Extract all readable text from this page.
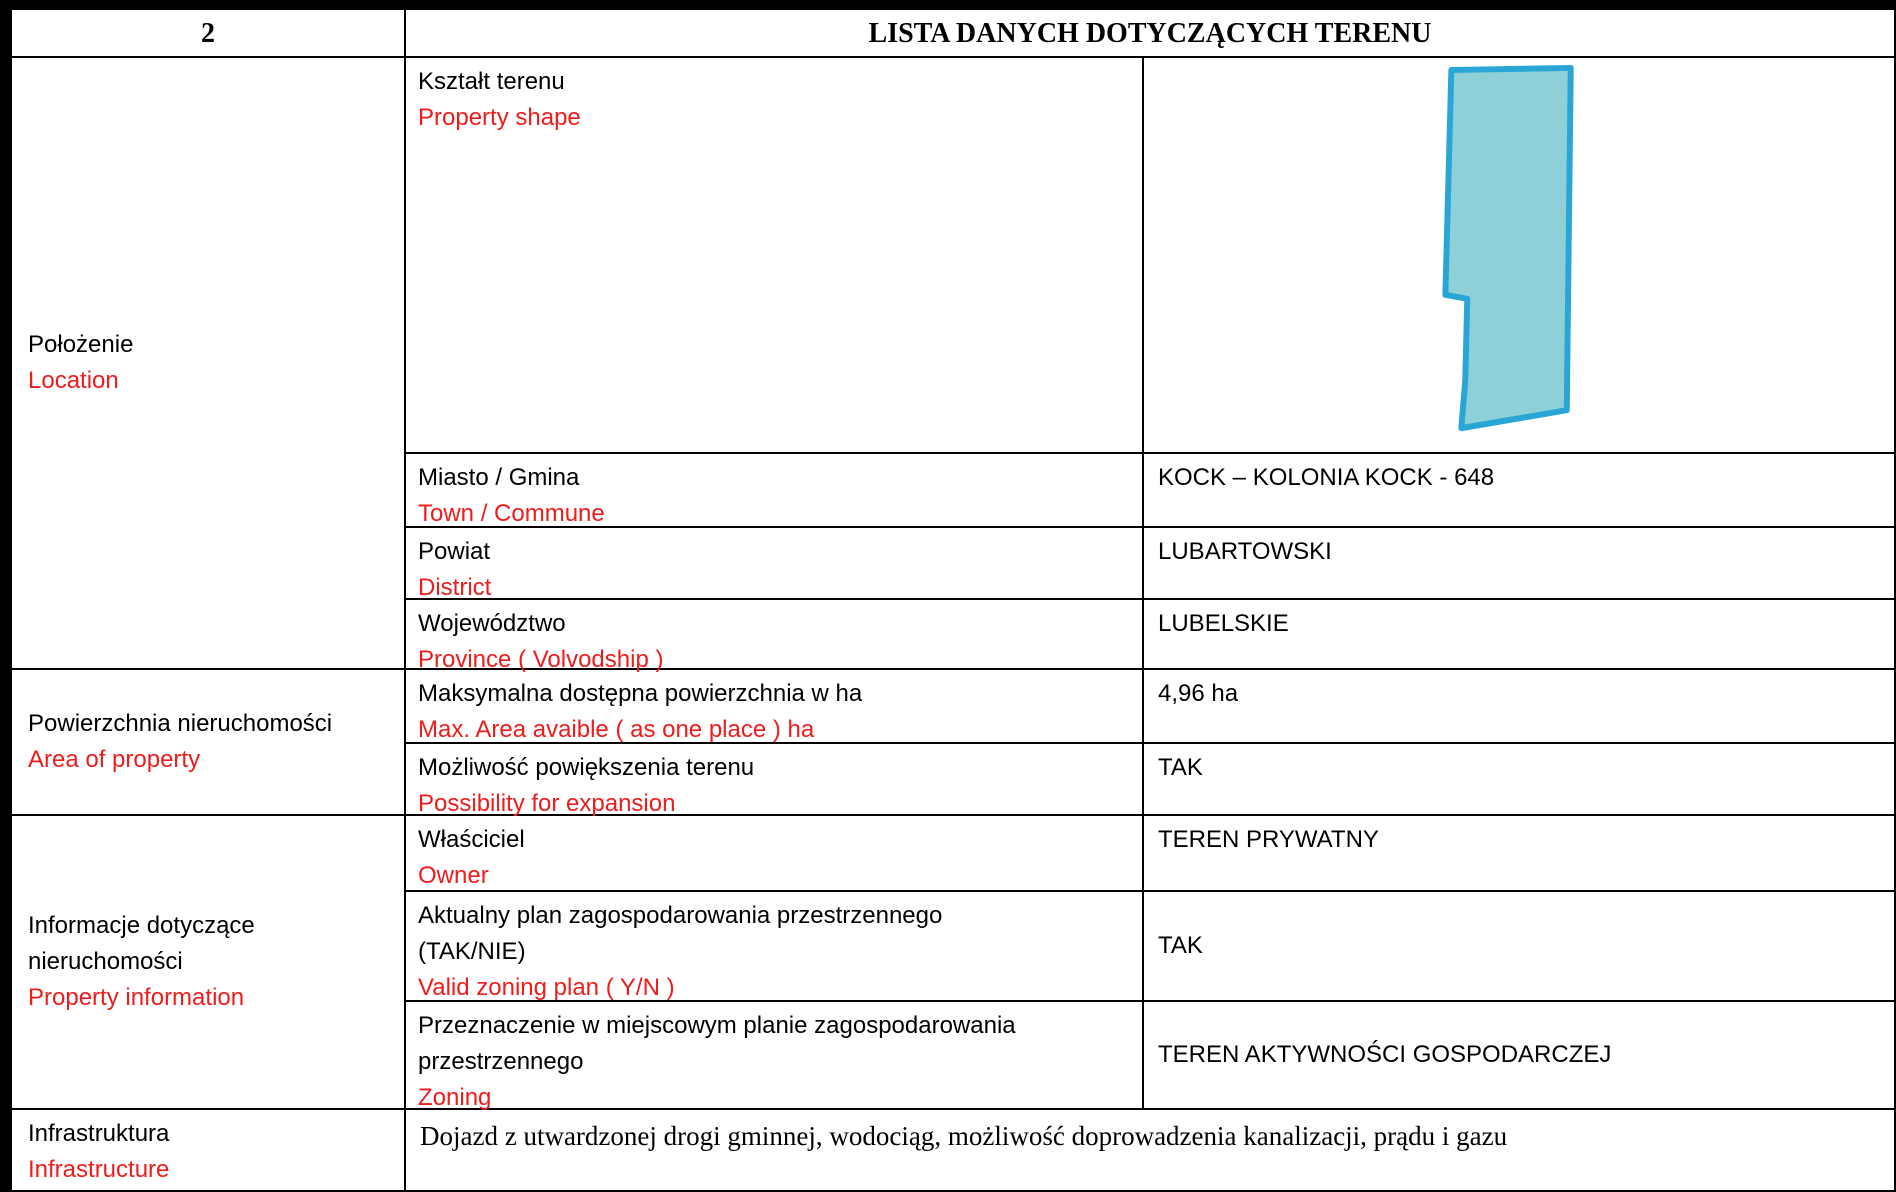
2	LISTA DANYCH DOTYCZĄCYCH TERENU
Położenie
Location
Kształt terenu
Property shape
Miasto / Gmina
Town / Commune
KOCK – KOLONIA KOCK - 648
Powiat
District
LUBARTOWSKI
Województwo
Province ( Volvodship )
LUBELSKIE
Powierzchnia nieruchomości
Area of property
Maksymalna dostępna powierzchnia w ha
Max. Area avaible ( as one place ) ha
4,96 ha
Możliwość powiększenia terenu
Possibility for expansion
TAK
Informacje dotyczące
nieruchomości
Property information
Właściciel
Owner
TEREN PRYWATNY
Aktualny plan zagospodarowania przestrzennego
(TAK/NIE)
Valid zoning plan ( Y/N )
TAK
Przeznaczenie w miejscowym planie zagospodarowania
przestrzennego
Zoning
TEREN AKTYWNOŚCI GOSPODARCZEJ
Infrastruktura
Infrastructure
Dojazd z utwardzonej drogi gminnej, wodociąg, możliwość doprowadzenia kanalizacji, prądu i gazu
